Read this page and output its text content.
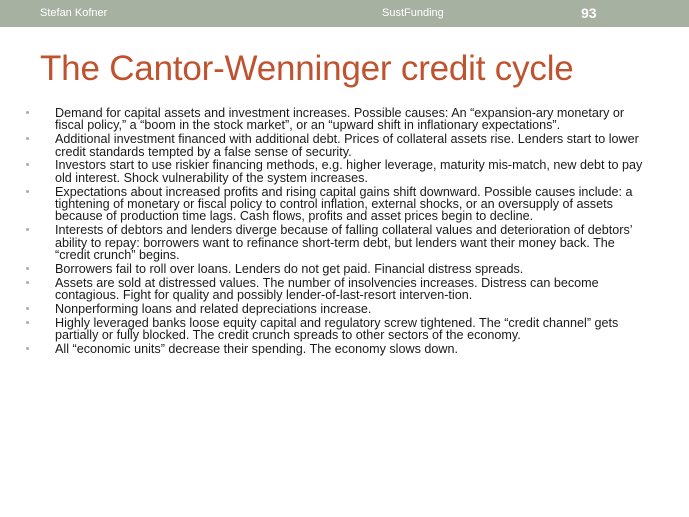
Stefan Kofner	SustFunding	93
The Cantor-Wenninger credit cycle
Demand for capital assets and investment increases. Possible causes: An “expansion-ary monetary or fiscal policy,” a “boom in the stock market”, or an “upward shift in inflationary expectations”.
Additional investment financed with additional debt. Prices of collateral assets rise. Lenders start to lower credit standards tempted by a false sense of security.
Investors start to use riskier financing methods, e.g. higher leverage, maturity mis-match, new debt to pay old interest. Shock vulnerability of the system increases.
Expectations about increased profits and rising capital gains shift downward. Possible causes include: a tightening of monetary or fiscal policy to control inflation, external shocks, or an oversupply of assets because of production time lags. Cash flows, profits and asset prices begin to decline.
Interests of debtors and lenders diverge because of falling collateral values and deterioration of debtors’ ability to repay: borrowers want to refinance short-term debt, but lenders want their money back. The “credit crunch” begins.
Borrowers fail to roll over loans. Lenders do not get paid. Financial distress spreads.
Assets are sold at distressed values. The number of insolvencies increases. Distress can become contagious. Fight for quality and possibly lender-of-last-resort interven-tion.
Nonperforming loans and related depreciations increase.
Highly leveraged banks loose equity capital and regulatory screw tightened. The “credit channel” gets partially or fully blocked. The credit crunch spreads to other sectors of the economy.
All “economic units” decrease their spending. The economy slows down.
